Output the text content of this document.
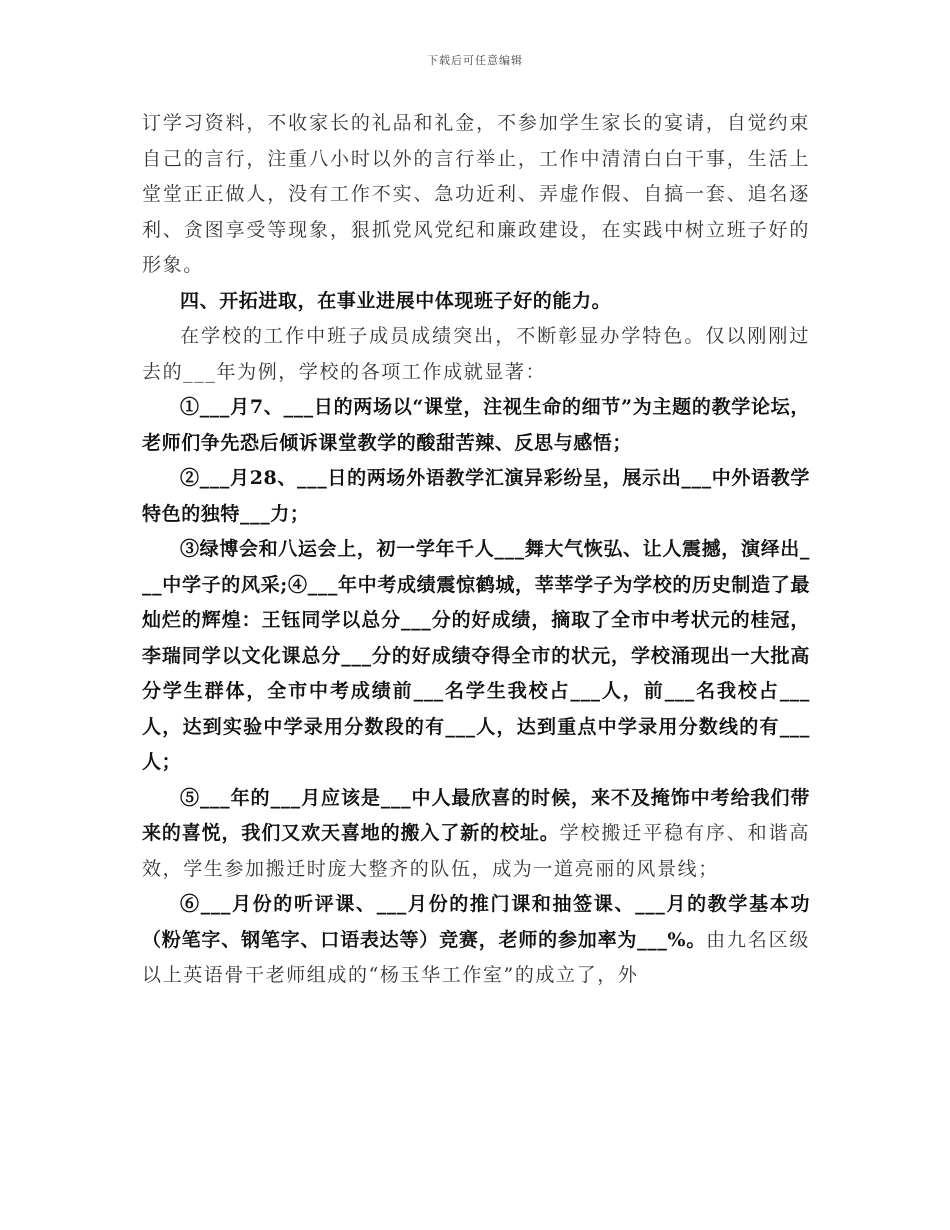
下载后可任意编辑

订学习资料，不收家长的礼品和礼金，不参加学生家长的宴请，自觉约束自己的言行，注重八小时以外的言行举止，工作中清清白白干事，生活上堂堂正正做人，没有工作不实、急功近利、弄虚作假、自搞一套、追名逐利、贪图享受等现象，狠抓党风党纪和廉政建设，在实践中树立班子好的形象。

四、开拓进取，在事业进展中体现班子好的能力。

在学校的工作中班子成员成绩突出，不断彰显办学特色。仅以刚刚过去的___年为例，学校的各项工作成就显著：

①___月7、___日的两场以“课堂，注视生命的细节”为主题的教学论坛，老师们争先恐后倾诉课堂教学的酸甜苦辣、反思与感悟；

②___月28、___日的两场外语教学汇演异彩纷呈，展示出___中外语教学特色的独特___力；

③绿博会和八运会上，初一学年千人___舞大气恢弘、让人震撼，演绎出___中学子的风采;④___年中考成绩震惊鹤城，莘莘学子为学校的历史制造了最灿烂的辉煌：王钰同学以总分___分的好成绩，摘取了全市中考状元的桂冠，李瑞同学以文化课总分___分的好成绩夺得全市的状元，学校涌现出一大批高分学生群体，全市中考成绩前___名学生我校占___人，前___名我校占___人，达到实验中学录用分数段的有___人，达到重点中学录用分数线的有___人；

⑤___年的___月应该是___中人最欣喜的时候，来不及掩饰中考给我们带来的喜悦，我们又欢天喜地的搬入了新的校址。学校搬迁平稳有序、和谐高效，学生参加搬迁时庞大整齐的队伍，成为一道亮丽的风景线；

⑥___月份的听评课、___月份的推门课和抽签课、___月的教学基本功（粉笔字、钢笔字、口语表达等）竞赛，老师的参加率为___%。由九名区级以上英语骨干老师组成的“杨玉华工作室”的成立了，外
